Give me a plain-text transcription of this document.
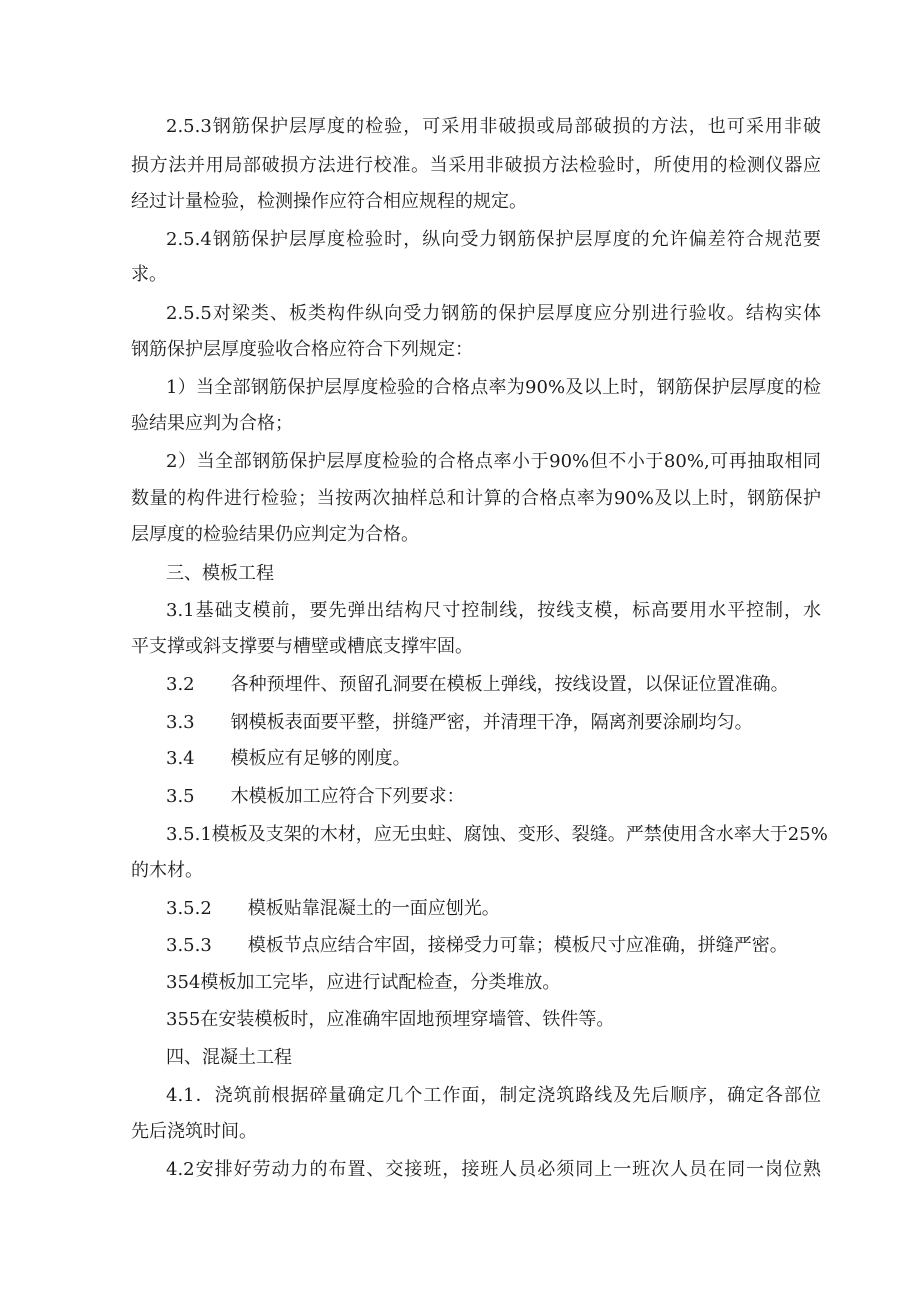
2.5.3钢筋保护层厚度的检验，可采用非破损或局部破损的方法，也可采用非破
损方法并用局部破损方法进行校准。当采用非破损方法检验时，所使用的检测仪器应
经过计量检验，检测操作应符合相应规程的规定。
2.5.4钢筋保护层厚度检验时，纵向受力钢筋保护层厚度的允许偏差符合规范要
求。
2.5.5对梁类、板类构件纵向受力钢筋的保护层厚度应分别进行验收。结构实体
钢筋保护层厚度验收合格应符合下列规定：
1）当全部钢筋保护层厚度检验的合格点率为90%及以上时，钢筋保护层厚度的检
验结果应判为合格；
2）当全部钢筋保护层厚度检验的合格点率小于90%但不小于80%,可再抽取相同
数量的构件进行检验；当按两次抽样总和计算的合格点率为90%及以上时，钢筋保护
层厚度的检验结果仍应判定为合格。
三、模板工程
3.1基础支模前，要先弹出结构尺寸控制线，按线支模，标高要用水平控制，水
平支撑或斜支撑要与槽壁或槽底支撑牢固。
3.2　　各种预埋件、预留孔洞要在模板上弹线，按线设置，以保证位置准确。
3.3　　钢模板表面要平整，拼缝严密，并清理干净，隔离剂要涂刷均匀。
3.4　　模板应有足够的刚度。
3.5　　木模板加工应符合下列要求：
3.5.1模板及支架的木材，应无虫蛀、腐蚀、变形、裂缝。严禁使用含水率大于25%
的木材。
3.5.2　　模板贴靠混凝土的一面应刨光。
3.5.3　　模板节点应结合牢固，接梯受力可靠；模板尺寸应准确，拼缝严密。
354模板加工完毕，应进行试配检查，分类堆放。
355在安装模板时，应准确牢固地预埋穿墙管、铁件等。
四、混凝土工程
4.1．浇筑前根据碎量确定几个工作面，制定浇筑路线及先后顺序，确定各部位
先后浇筑时间。
4.2安排好劳动力的布置、交接班，接班人员必须同上一班次人员在同一岗位熟
